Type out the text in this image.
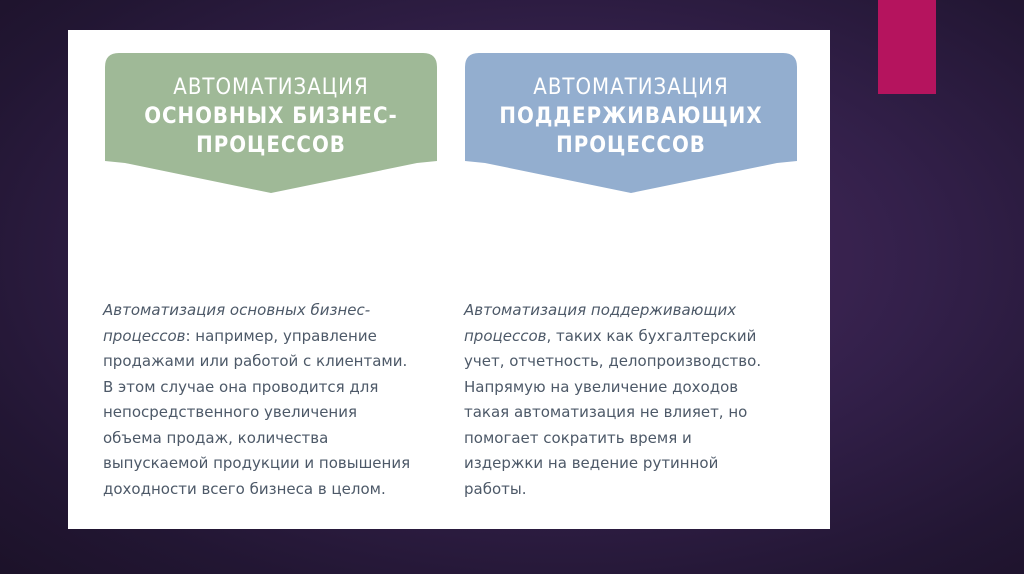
АВТОМАТИЗАЦИЯ
ОСНОВНЫХ БИЗНЕС-
ПРОЦЕССОВ
АВТОМАТИЗАЦИЯ
ПОДДЕРЖИВАЮЩИХ
ПРОЦЕССОВ

Автоматизация основных бизнес-процессов: например, управление продажами или работой с клиентами. В этом случае она проводится для непосредственного увеличения объема продаж, количества выпускаемой продукции и повышения доходности всего бизнеса в целом.

Автоматизация поддерживающих процессов, таких как бухгалтерский учет, отчетность, делопроизводство. Напрямую на увеличение доходов такая автоматизация не влияет, но помогает сократить время и издержки на ведение рутинной работы.
